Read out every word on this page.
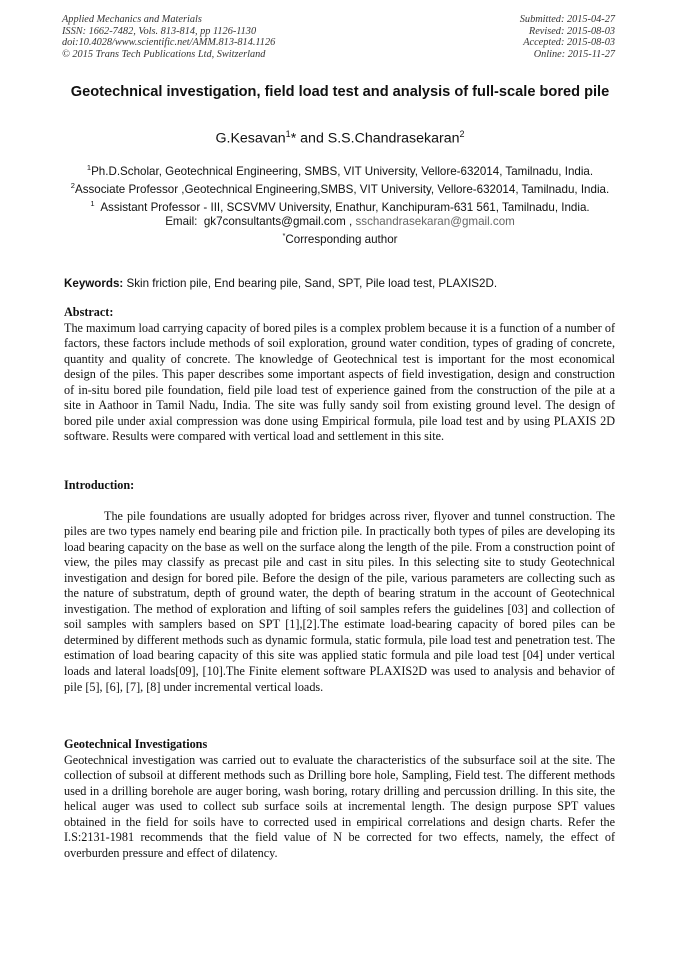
Applied Mechanics and Materials
ISSN: 1662-7482, Vols. 813-814, pp 1126-1130
doi:10.4028/www.scientific.net/AMM.813-814.1126
© 2015 Trans Tech Publications Ltd, Switzerland
Submitted: 2015-04-27
Revised: 2015-08-03
Accepted: 2015-08-03
Online: 2015-11-27
Geotechnical investigation, field load test and analysis of full-scale bored pile
G.Kesavan$^1$* and S.S.Chandrasekaran$^2$

$^1$Ph.D.Scholar, Geotechnical Engineering, SMBS, VIT University, Vellore-632014, Tamilnadu, India.

$^2$Associate Professor ,Geotechnical Engineering,SMBS, VIT University, Vellore-632014, Tamilnadu, India.

$^1$  Assistant Professor - III, SCSVMV University, Enathur, Kanchipuram-631 561, Tamilnadu, India.

Email:  gk7consultants@gmail.com , sschandrasekaran@gmail.com

*Corresponding author

Keywords: Skin friction pile, End bearing pile, Sand, SPT, Pile load test, PLAXIS2D.
Abstract:

The maximum load carrying capacity of bored piles is a complex problem because it is a function of a number of factors, these factors include methods of soil exploration, ground water condition, types of grading of concrete, quantity and quality of concrete. The knowledge of Geotechnical test is important for the most economical design of the piles. This paper describes some important aspects of field investigation, design and construction of in-situ bored pile foundation, field pile load test of experience gained from the construction of the pile at a site in Aathoor in Tamil Nadu, India. The site was fully sandy soil from existing ground level. The design of bored pile under axial compression was done using Empirical formula, pile load test and by using PLAXIS 2D software. Results were compared with vertical load and settlement in this site.

Introduction:

The pile foundations are usually adopted for bridges across river, flyover and tunnel construction. The piles are two types namely end bearing pile and friction pile. In practically both types of piles are developing its load bearing capacity on the base as well on the surface along the length of the pile. From a construction point of view, the piles may classify as precast pile and cast in situ piles. In this selecting site to study Geotechnical investigation and design for bored pile. Before the design of the pile, various parameters are collecting such as the nature of substratum, depth of ground water, the depth of bearing stratum in the account of Geotechnical investigation. The method of exploration and lifting of soil samples refers the guidelines [03] and collection of soil samples with samplers based on SPT [1],[2].The estimate load-bearing capacity of bored piles can be determined by different methods such as dynamic formula, static formula, pile load test and penetration test. The estimation of load bearing capacity of this site was applied static formula and pile load test [04] under vertical loads and lateral loads[09], [10].The Finite element software PLAXIS2D was used to analysis and behavior of pile [5], [6], [7], [8] under incremental vertical loads.

Geotechnical Investigations

Geotechnical investigation was carried out to evaluate the characteristics of the subsurface soil at the site. The collection of subsoil at different methods such as Drilling bore hole, Sampling, Field test. The different methods used in a drilling borehole are auger boring, wash boring, rotary drilling and percussion drilling. In this site, the helical auger was used to collect sub surface soils at incremental length. The design purpose SPT values obtained in the field for soils have to corrected used in empirical correlations and design charts. Refer the I.S:2131-1981 recommends that the field value of N be corrected for two effects, namely, the effect of overburden pressure and effect of dilatency.
